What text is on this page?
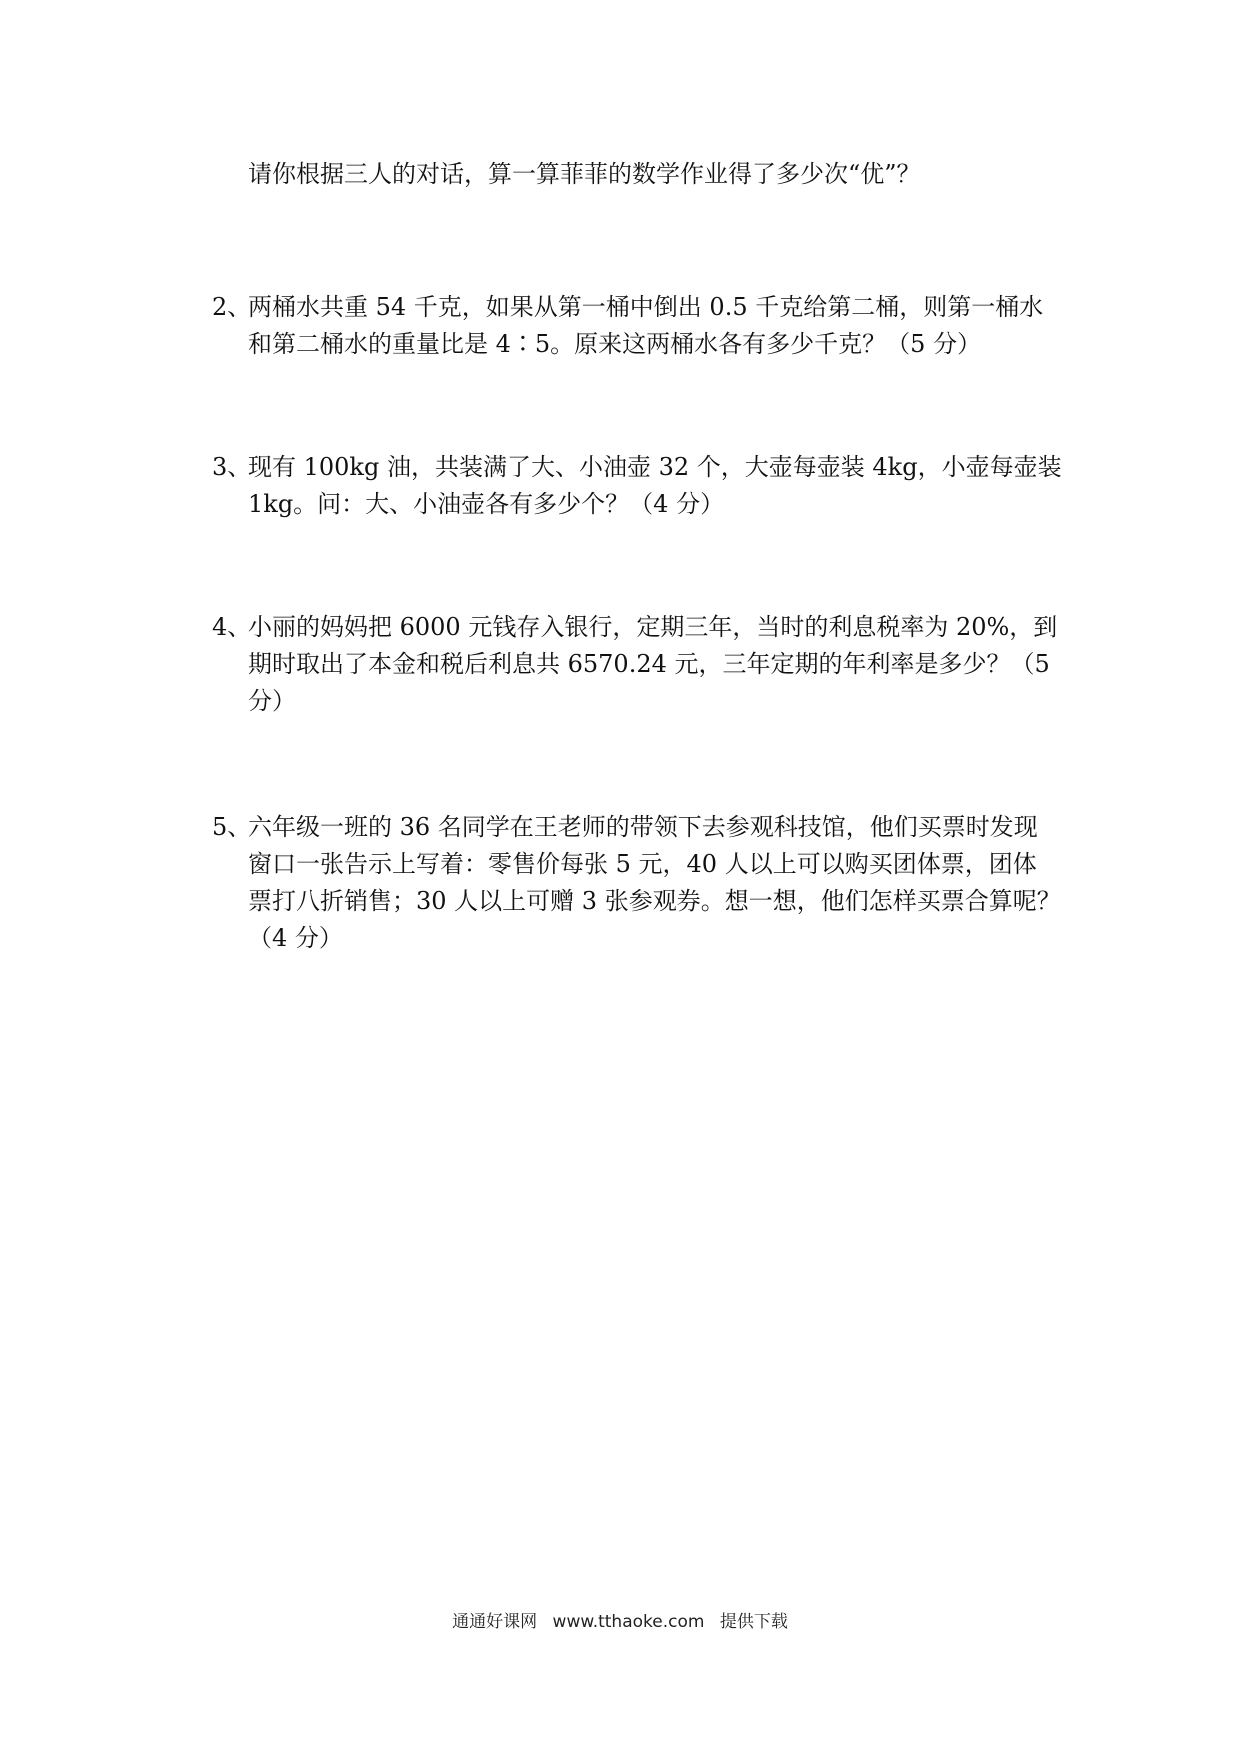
请你根据三人的对话，算一算菲菲的数学作业得了多少次“优”？
2、
两桶水共重 54 千克，如果从第一桶中倒出 0.5 千克给第二桶，则第一桶水
和第二桶水的重量比是 4∶5。原来这两桶水各有多少千克？（5 分）
3、
现有 100kg 油，共装满了大、小油壶 32 个，大壶每壶装 4kg，小壶每壶装
1kg。问：大、小油壶各有多少个？（4 分）
4、
小丽的妈妈把 6000 元钱存入银行，定期三年，当时的利息税率为 20%，到
期时取出了本金和税后利息共 6570.24 元，三年定期的年利率是多少？（5
分）
5、
六年级一班的 36 名同学在王老师的带领下去参观科技馆，他们买票时发现
窗口一张告示上写着：零售价每张 5 元，40 人以上可以购买团体票，团体
票打八折销售；30 人以上可赠 3 张参观券。想一想，他们怎样买票合算呢？
（4 分）
通通好课网 www.tthaoke.com 提供下载
